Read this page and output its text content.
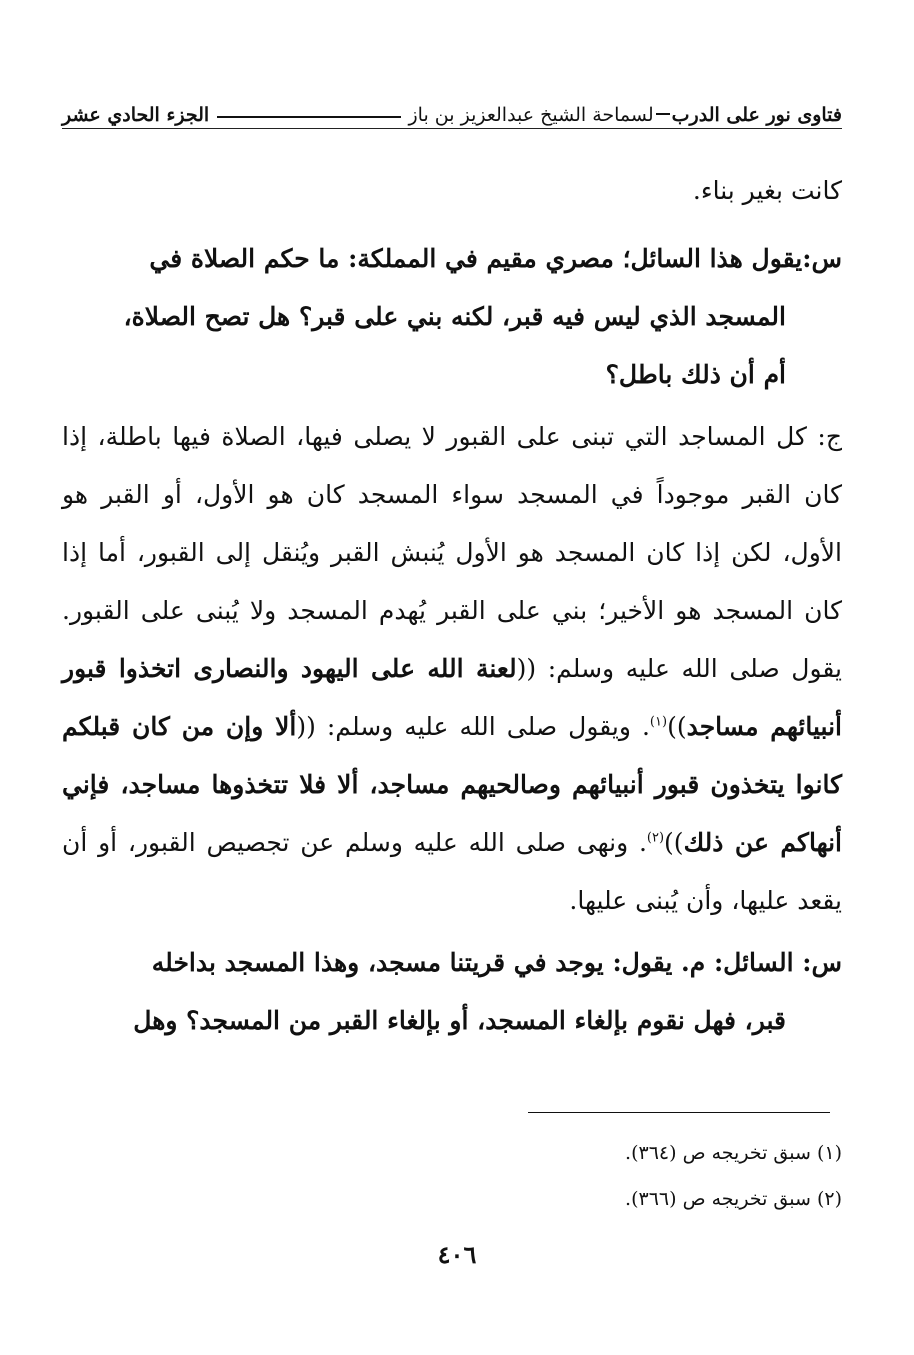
فتاوى نور على الدربلسماحة الشيخ عبدالعزيز بن باز
الجزء الحادي عشر

كانت بغير بناء.

س:يقول هذا السائل؛ مصري مقيم في المملكة: ما حكم الصلاة في
المسجد الذي ليس فيه قبر، لكنه بني على قبر؟ هل تصح الصلاة،
أم أن ذلك باطل؟

ج: كل المساجد التي تبنى على القبور لا يصلى فيها، الصلاة فيها باطلة، إذا كان القبر موجوداً في المسجد سواء المسجد كان هو الأول، أو القبر هو الأول، لكن إذا كان المسجد هو الأول يُنبش القبر ويُنقل إلى القبور، أما إذا كان المسجد هو الأخير؛ بني على القبر يُهدم المسجد ولا يُبنى على القبور. يقول صلى الله عليه وسلم: ((لعنة الله على اليهود والنصارى اتخذوا قبور أنبيائهم مساجد))$^{(١)}$. ويقول صلى الله عليه وسلم: ((ألا وإن من كان قبلكم كانوا يتخذون قبور أنبيائهم وصالحيهم مساجد، ألا فلا تتخذوها مساجد، فإني أنهاكم عن ذلك))$^{(٢)}$. ونهى صلى الله عليه وسلم عن تجصيص القبور، أو أن يقعد عليها، وأن يُبنى عليها.

س: السائل: م. يقول: يوجد في قريتنا مسجد، وهذا المسجد بداخله
قبر، فهل نقوم بإلغاء المسجد، أو بإلغاء القبر من المسجد؟ وهل

(١) سبق تخريجه ص (٣٦٤).
(٢) سبق تخريجه ص (٣٦٦).
٤٠٦
